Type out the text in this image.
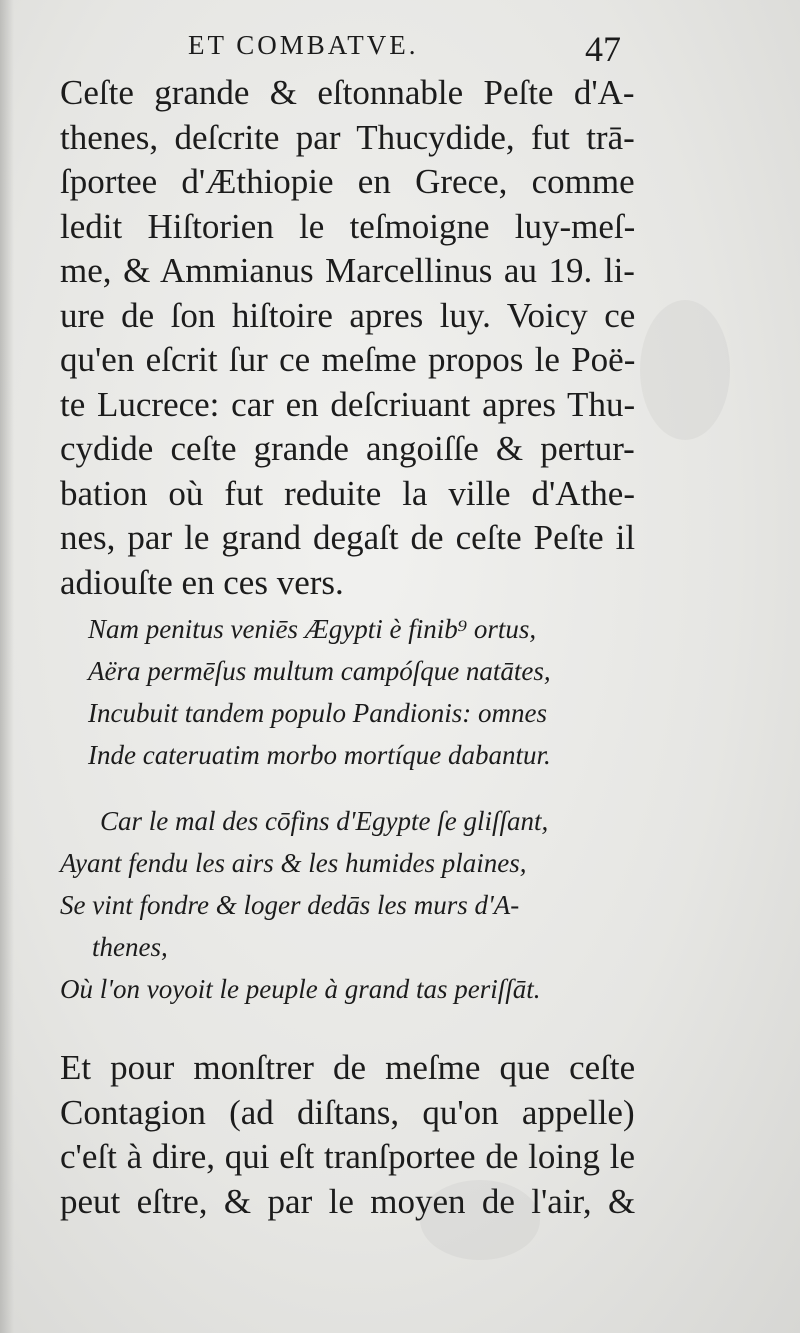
ET COMBATVE.	47
Ceſte grande & eſtonnable Peſte d'A-
thenes, deſcrite par Thucydide, fut trā-
ſportee d'Æthiopie en Grece, comme
ledit Hiſtorien le teſmoigne luy-meſ-
me, & Ammianus Marcellinus au 19. li-
ure de ſon hiſtoire apres luy. Voicy ce
qu'en eſcrit ſur ce meſme propos le Poë-
te Lucrece: car en deſcriuant apres Thu-
cydide ceſte grande angoiſſe & pertur-
bation où fut reduite la ville d'Athe-
nes, par le grand degaſt de ceſte Peſte il
adiouſte en ces vers.
Nam penitus veniēs Ægypti è finib⁹ ortus,
Aëra permēſus multum campóſque natātes,
Incubuit tandem populo Pandionis: omnes
Inde cateruatim morbo mortíque dabantur.
Car le mal des cōfins d'Egypte ſe gliſſant,
Ayant fendu les airs & les humides plaines,
Se vint fondre & loger dedās les murs d'A-
thenes,
Où l'on voyoit le peuple à grand tas periſſāt.
Et pour monſtrer de meſme que ceſte
Contagion (ad diſtans, qu'on appelle)
c'eſt à dire, qui eſt tranſportee de loing le
peut eſtre, & par le moyen de l'air, &
